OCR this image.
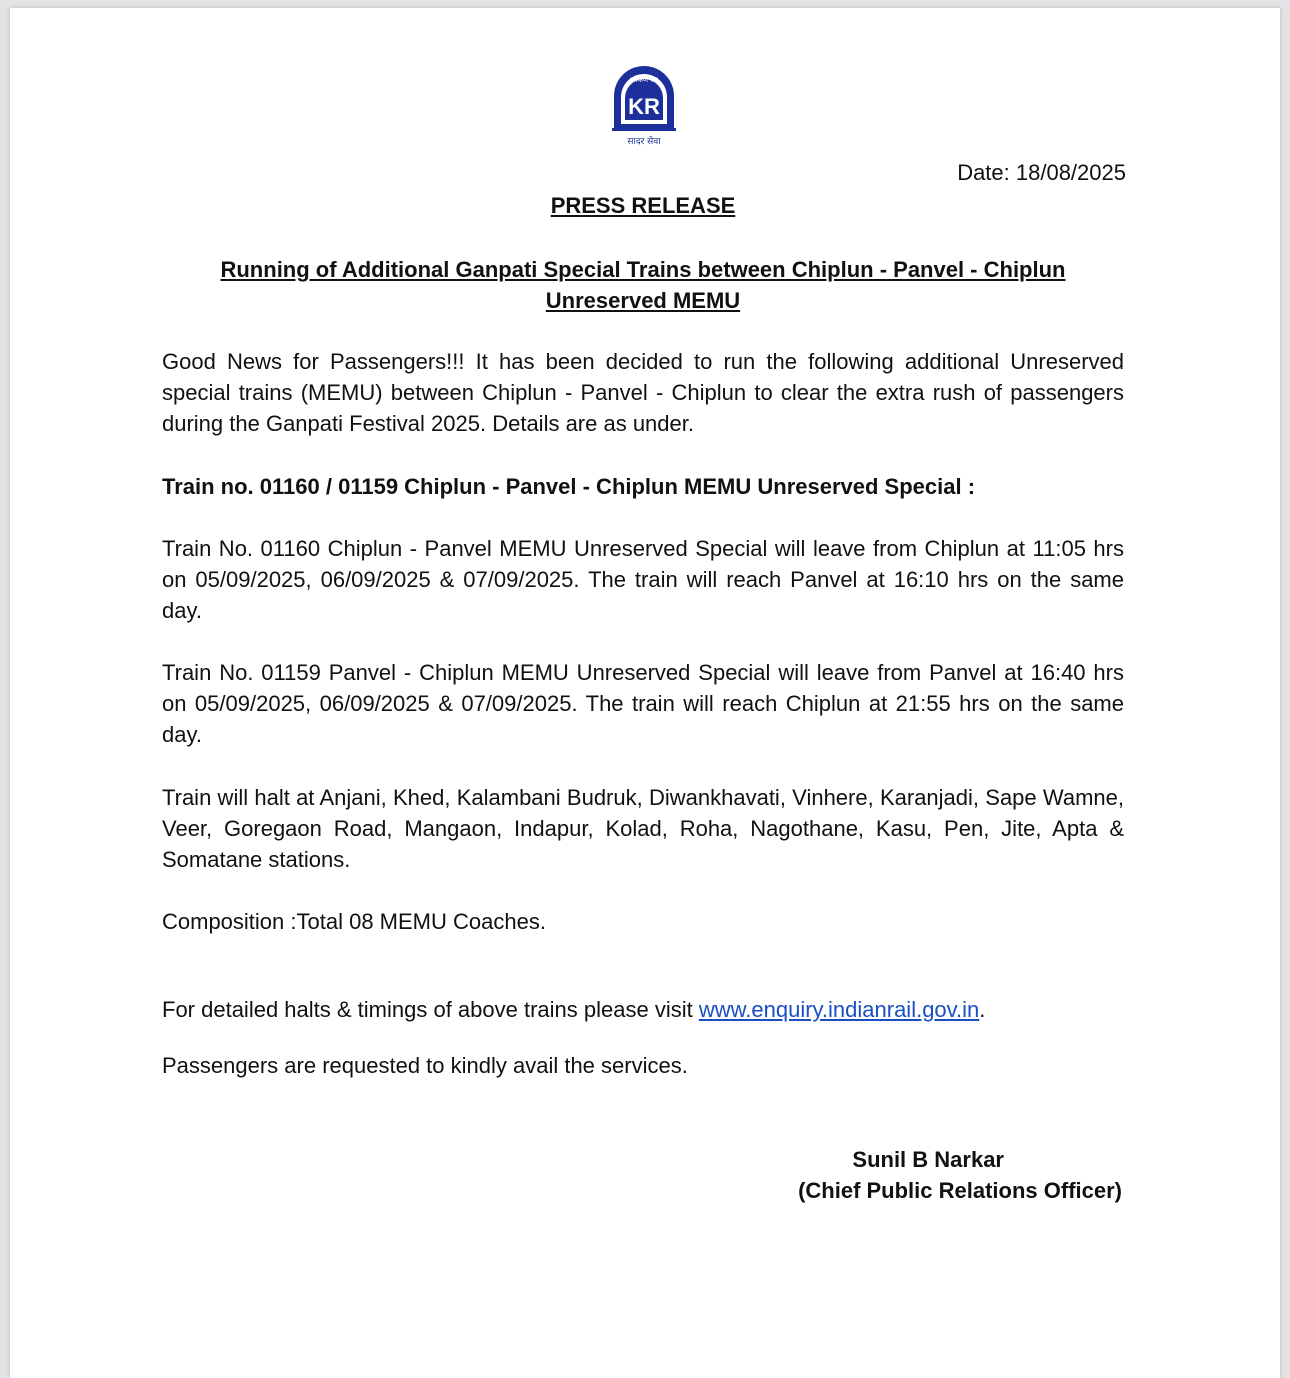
कोंकण रेल
KR
सादर सेवा
Date: 18/08/2025
PRESS RELEASE
Running of Additional Ganpati Special Trains between Chiplun - Panvel - Chiplun Unreserved MEMU

Good News for Passengers!!! It has been decided to run the following additional Unreserved special trains (MEMU) between Chiplun - Panvel - Chiplun to clear the extra rush of passengers during the Ganpati Festival 2025. Details are as under.

Train no. 01160 / 01159 Chiplun - Panvel - Chiplun MEMU Unreserved Special :

Train No. 01160 Chiplun - Panvel MEMU Unreserved Special will leave from Chiplun at 11:05 hrs on 05/09/2025, 06/09/2025 & 07/09/2025. The train will reach Panvel at 16:10 hrs on the same day.

Train No. 01159 Panvel - Chiplun MEMU Unreserved Special will leave from Panvel at 16:40 hrs on 05/09/2025, 06/09/2025 & 07/09/2025. The train will reach Chiplun at 21:55 hrs on the same day.

Train will halt at Anjani, Khed, Kalambani Budruk, Diwankhavati, Vinhere, Karanjadi, Sape Wamne, Veer, Goregaon Road, Mangaon, Indapur, Kolad, Roha, Nagothane, Kasu, Pen, Jite, Apta & Somatane stations.

Composition :Total 08 MEMU Coaches.

For detailed halts & timings of above trains please visit www.enquiry.indianrail.gov.in.

Passengers are requested to kindly avail the services.

Sunil B Narkar
(Chief Public Relations Officer)
